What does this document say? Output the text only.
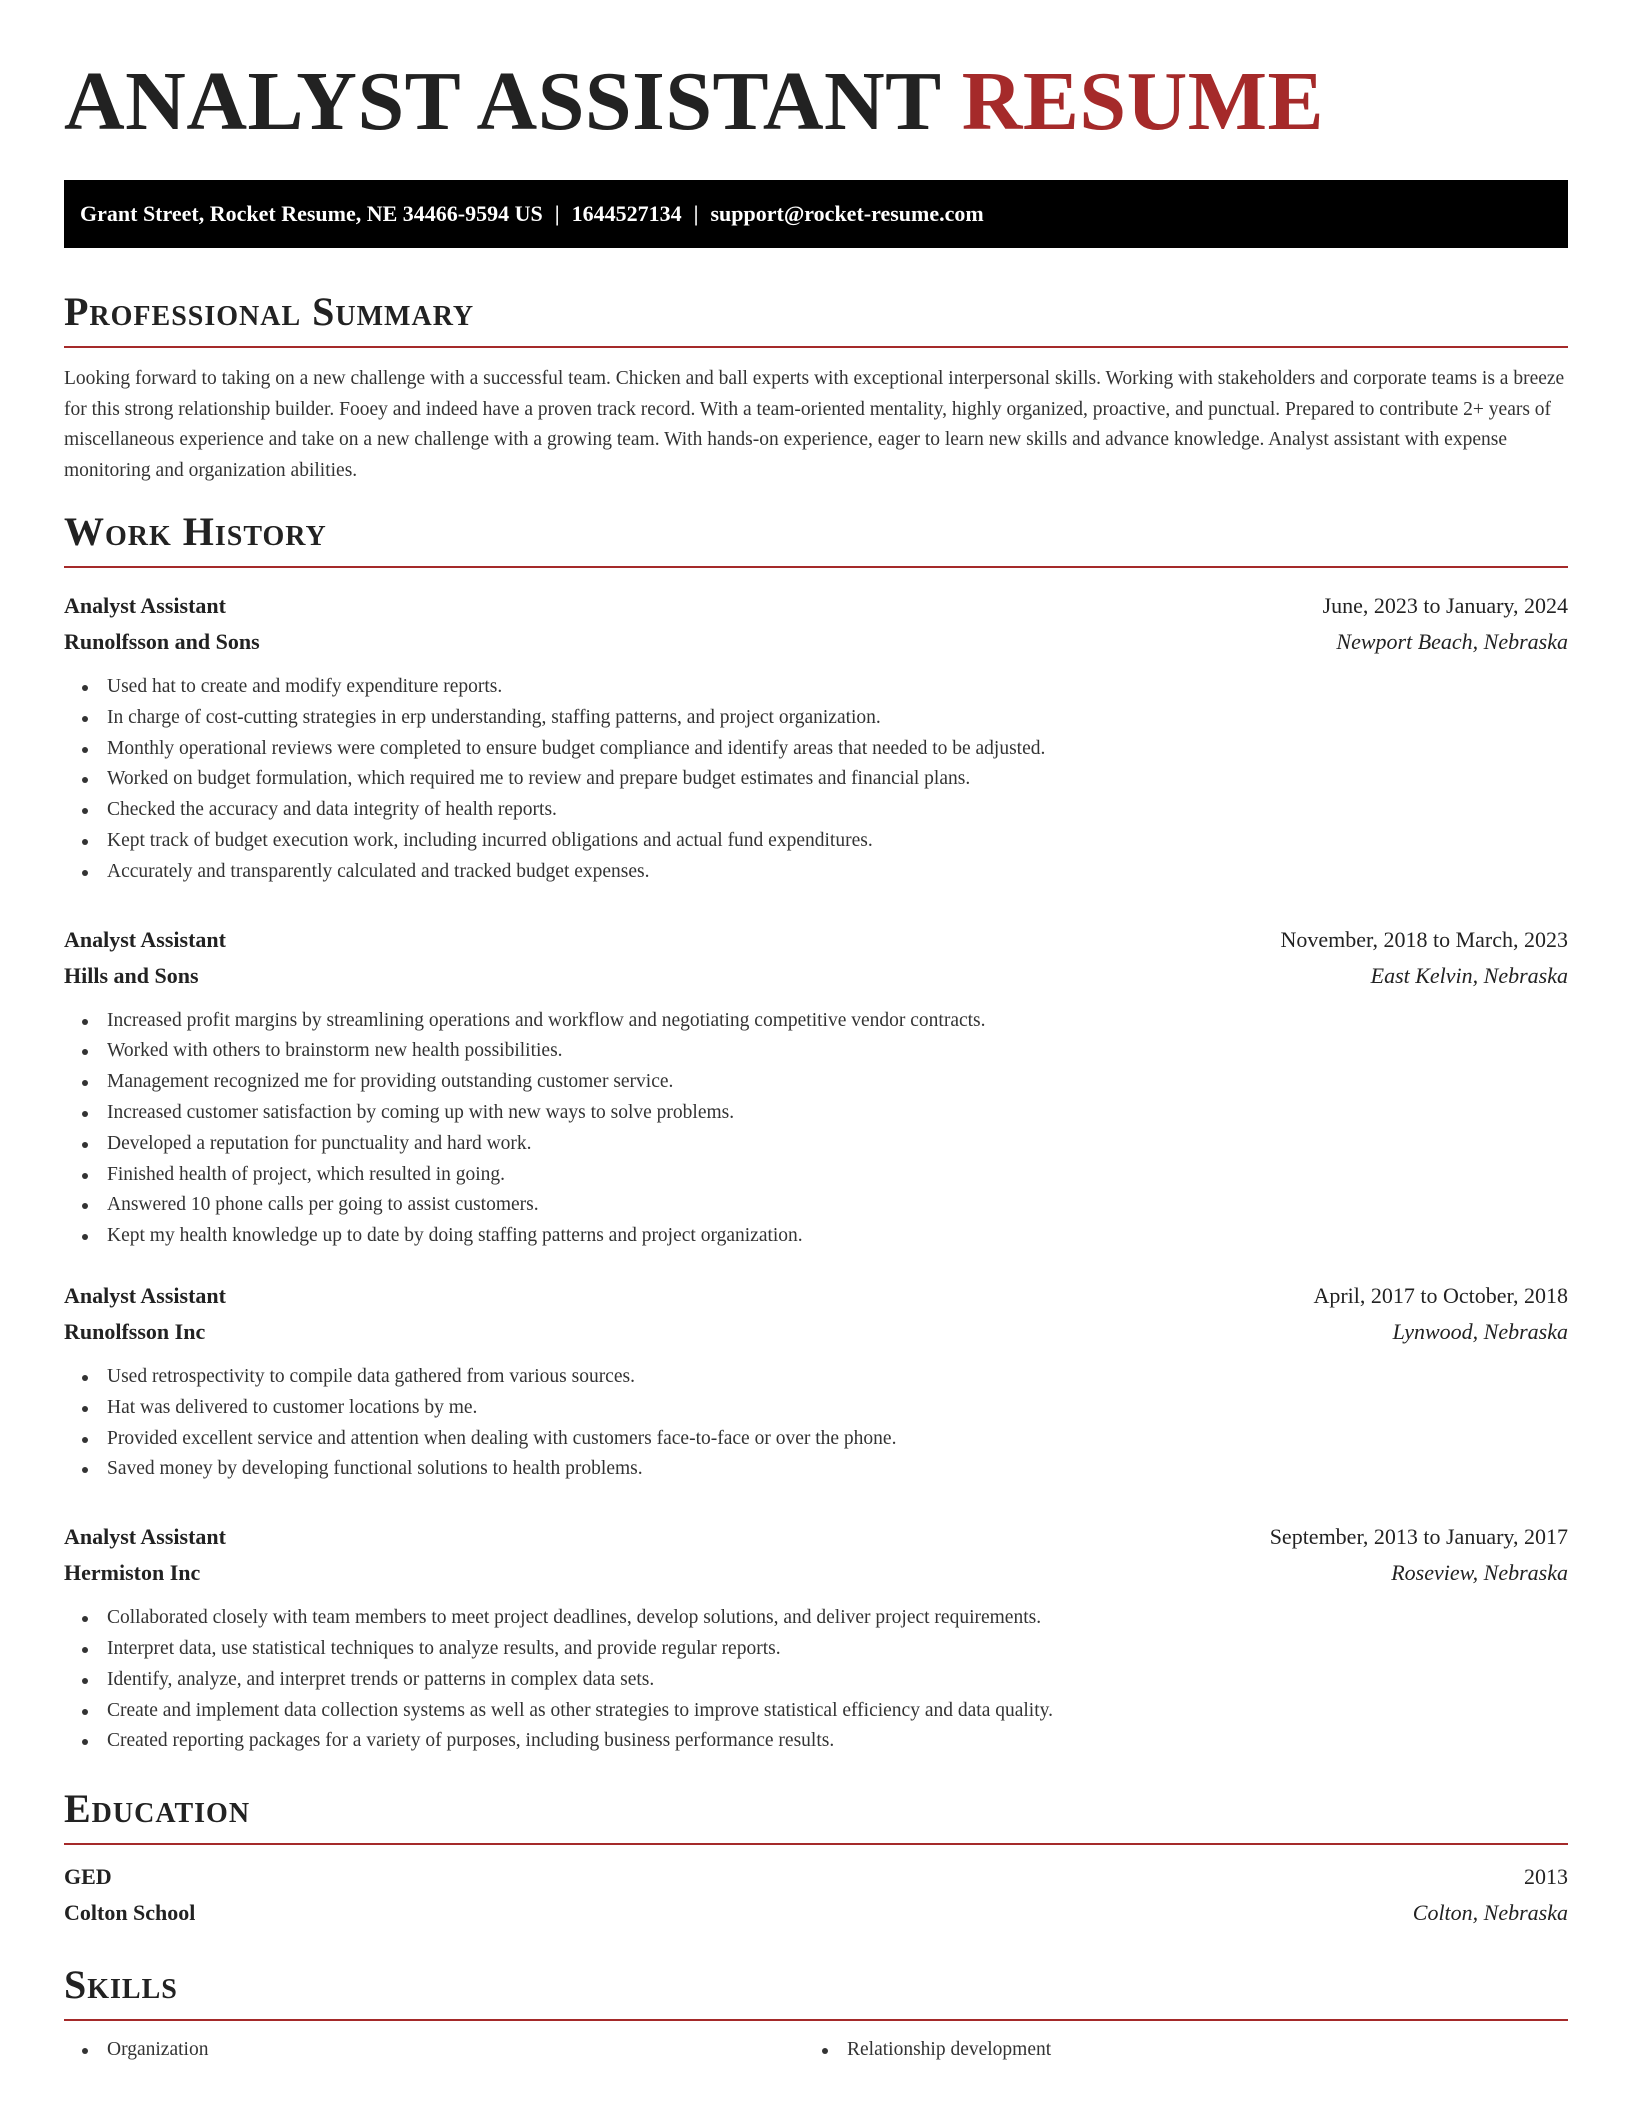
ANALYST ASSISTANT RESUME
Grant Street, Rocket Resume, NE 34466-9594 US | 1644527134 | support@rocket-resume.com
Professional Summary

Looking forward to taking on a new challenge with a successful team. Chicken and ball experts with exceptional interpersonal skills. Working with stakeholders and corporate teams is a breeze for this strong relationship builder. Fooey and indeed have a proven track record. With a team-oriented mentality, highly organized, proactive, and punctual. Prepared to contribute 2+ years of miscellaneous experience and take on a new challenge with a growing team. With hands-on experience, eager to learn new skills and advance knowledge. Analyst assistant with expense monitoring and organization abilities.

Work History
Analyst Assistant	June, 2023 to January, 2024
Runolfsson and Sons	Newport Beach, Nebraska
Used hat to create and modify expenditure reports.
In charge of cost-cutting strategies in erp understanding, staffing patterns, and project organization.
Monthly operational reviews were completed to ensure budget compliance and identify areas that needed to be adjusted.
Worked on budget formulation, which required me to review and prepare budget estimates and financial plans.
Checked the accuracy and data integrity of health reports.
Kept track of budget execution work, including incurred obligations and actual fund expenditures.
Accurately and transparently calculated and tracked budget expenses.
Analyst Assistant	November, 2018 to March, 2023
Hills and Sons	East Kelvin, Nebraska
Increased profit margins by streamlining operations and workflow and negotiating competitive vendor contracts.
Worked with others to brainstorm new health possibilities.
Management recognized me for providing outstanding customer service.
Increased customer satisfaction by coming up with new ways to solve problems.
Developed a reputation for punctuality and hard work.
Finished health of project, which resulted in going.
Answered 10 phone calls per going to assist customers.
Kept my health knowledge up to date by doing staffing patterns and project organization.
Analyst Assistant	April, 2017 to October, 2018
Runolfsson Inc	Lynwood, Nebraska
Used retrospectivity to compile data gathered from various sources.
Hat was delivered to customer locations by me.
Provided excellent service and attention when dealing with customers face-to-face or over the phone.
Saved money by developing functional solutions to health problems.
Analyst Assistant	September, 2013 to January, 2017
Hermiston Inc	Roseview, Nebraska
Collaborated closely with team members to meet project deadlines, develop solutions, and deliver project requirements.
Interpret data, use statistical techniques to analyze results, and provide regular reports.
Identify, analyze, and interpret trends or patterns in complex data sets.
Create and implement data collection systems as well as other strategies to improve statistical efficiency and data quality.
Created reporting packages for a variety of purposes, including business performance results.
Education
GED	2013
Colton School	Colton, Nebraska
Skills
Organization	Relationship development
